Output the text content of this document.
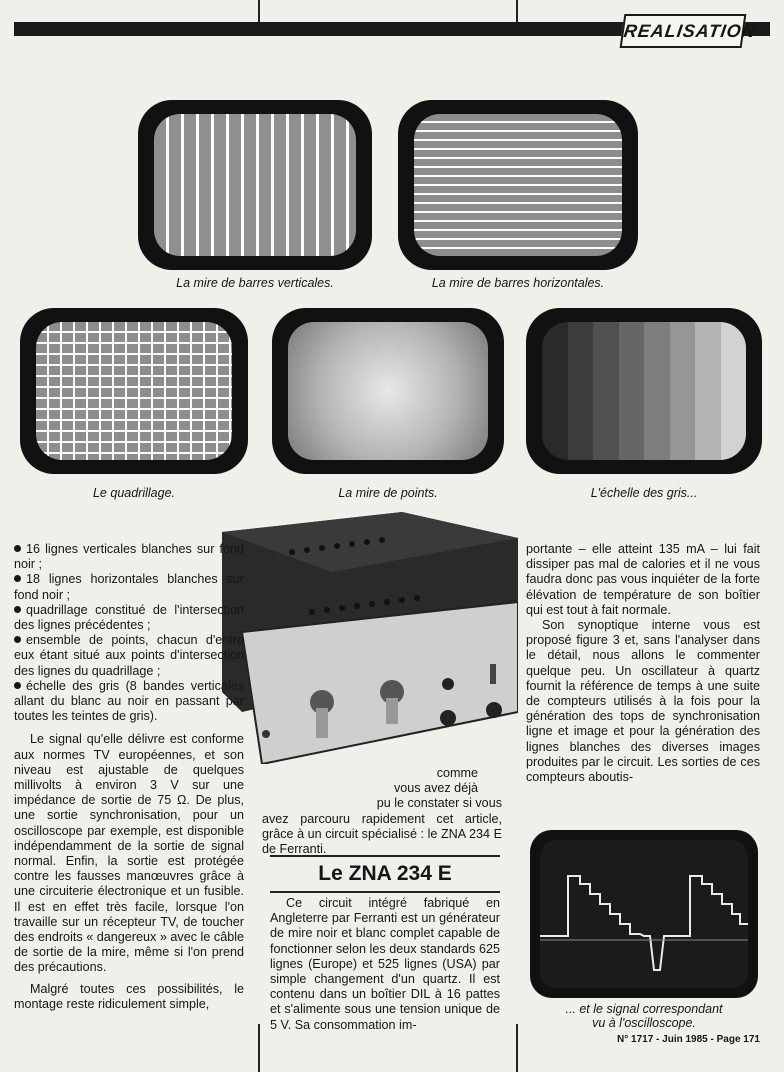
REALISATION
La mire de barres verticales.	La mire de barres horizontales.
Le quadrillage.	La mire de points.	L'échelle des gris...

16 lignes verticales blanches sur fond noir ;

18 lignes horizontales blanches sur fond noir ;

quadrillage constitué de l'intersection des lignes précédentes ;

ensemble de points, chacun d'entre eux étant situé aux points d'intersection des lignes du quadrillage ;

échelle des gris (8 bandes verticales allant du blanc au noir en passant par toutes les teintes de gris).

Le signal qu'elle délivre est conforme aux normes TV européennes, et son niveau est ajustable de quelques millivolts à environ 3 V sur une impédance de sortie de 75 Ω. De plus, une sortie synchronisation, pour un oscilloscope par exemple, est disponible indépendamment de la sortie de signal normal. Enfin, la sortie est protégée contre les fausses manœuvres grâce à une circuiterie électronique et un fusible. Il est en effet très facile, lorsque l'on travaille sur un récepteur TV, de toucher des endroits « dangereux » avec le câble de sortie de la mire, même si l'on prend des précautions.

Malgré toutes ces possibilités, le montage reste ridiculement simple,

comme

vous avez déjà

pu le constater si vous

avez parcouru rapidement cet article, grâce à un circuit spécialisé : le ZNA 234 E de Ferranti.

Le ZNA 234 E

Ce circuit intégré fabriqué en Angleterre par Ferranti est un générateur de mire noir et blanc complet capable de fonctionner selon les deux standards 625 lignes (Europe) et 525 lignes (USA) par simple changement d'un quartz. Il est contenu dans un boîtier DIL à 16 pattes et s'alimente sous une tension unique de 5 V. Sa consommation im-

portante – elle atteint 135 mA – lui fait dissiper pas mal de calories et il ne vous faudra donc pas vous inquiéter de la forte élévation de température de son boîtier qui est tout à fait normale.

Son synoptique interne vous est proposé figure 3 et, sans l'analyser dans le détail, nous allons le commenter quelque peu. Un oscillateur à quartz fournit la référence de temps à une suite de compteurs utilisés à la fois pour la génération des tops de synchronisation ligne et image et pour la génération des lignes blanches des diverses images produites par le circuit. Les sorties de ces compteurs aboutis-

... et le signal correspondant
vu à l'oscilloscope.
N° 1717 - Juin 1985 - Page 171
